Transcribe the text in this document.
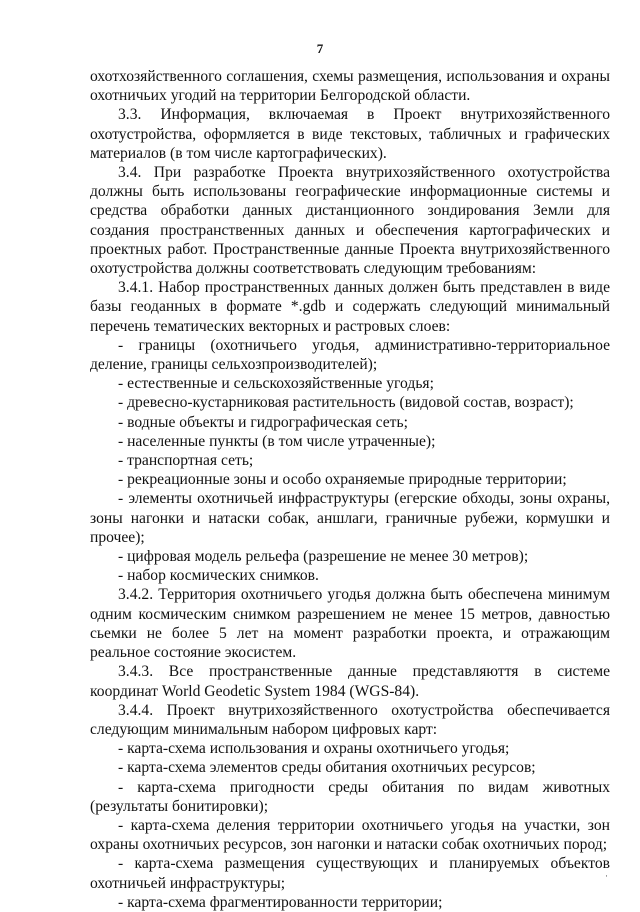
7

охотхозяйственного соглашения, схемы размещения, использования и охраны охотничьих угодий на территории Белгородской области.

3.3. Информация, включаемая в Проект внутрихозяйственного охотустройства, оформляется в виде текстовых, табличных и графических материалов (в том числе картографических).

3.4. При разработке Проекта внутрихозяйственного охотустройства должны быть использованы географические информационные системы и средства обработки данных дистанционного зондирования Земли для создания пространственных данных и обеспечения картографических и проектных работ. Пространственные данные Проекта внутрихозяйственного охотустройства должны соответствовать следующим требованиям:

3.4.1. Набор пространственных данных должен быть представлен в виде базы геоданных в формате *.gdb и содержать следующий минимальный перечень тематических векторных и растровых слоев:

- границы (охотничьего угодья, административно-территориальное деление, границы сельхозпроизводителей);

- естественные и сельскохозяйственные угодья;

- древесно-кустарниковая растительность (видовой состав, возраст);

- водные объекты и гидрографическая сеть;

- населенные пункты (в том числе утраченные);

- транспортная сеть;

- рекреационные зоны и особо охраняемые природные территории;

- элементы охотничьей инфраструктуры (егерские обходы, зоны охраны, зоны нагонки и натаски собак, аншлаги, граничные рубежи, кормушки и прочее);

- цифровая модель рельефа (разрешение не менее 30 метров);

- набор космических снимков.

3.4.2. Территория охотничьего угодья должна быть обеспечена минимум одним космическим снимком разрешением не менее 15 метров, давностью сьемки не более 5 лет на момент разработки проекта, и отражающим реальное состояние экосистем.

3.4.3. Все пространственные данные представляюття в системе координат World Geodetic System 1984 (WGS-84).

3.4.4. Проект внутрихозяйственного охотустройства обеспечивается следующим минимальным набором цифровых карт:

- карта-схема использования и охраны охотничьего угодья;

- карта-схема элементов среды обитания охотничьих ресурсов;

- карта-схема пригодности среды обитания по видам животных (результаты бонитировки);

- карта-схема деления территории охотничьего угодья на участки, зон охраны охотничьих ресурсов, зон нагонки и натаски собак охотничьих пород;

- карта-схема размещения существующих и планируемых объектов охотничьей инфраструктуры;

- карта-схема фрагментированности территории;

·
